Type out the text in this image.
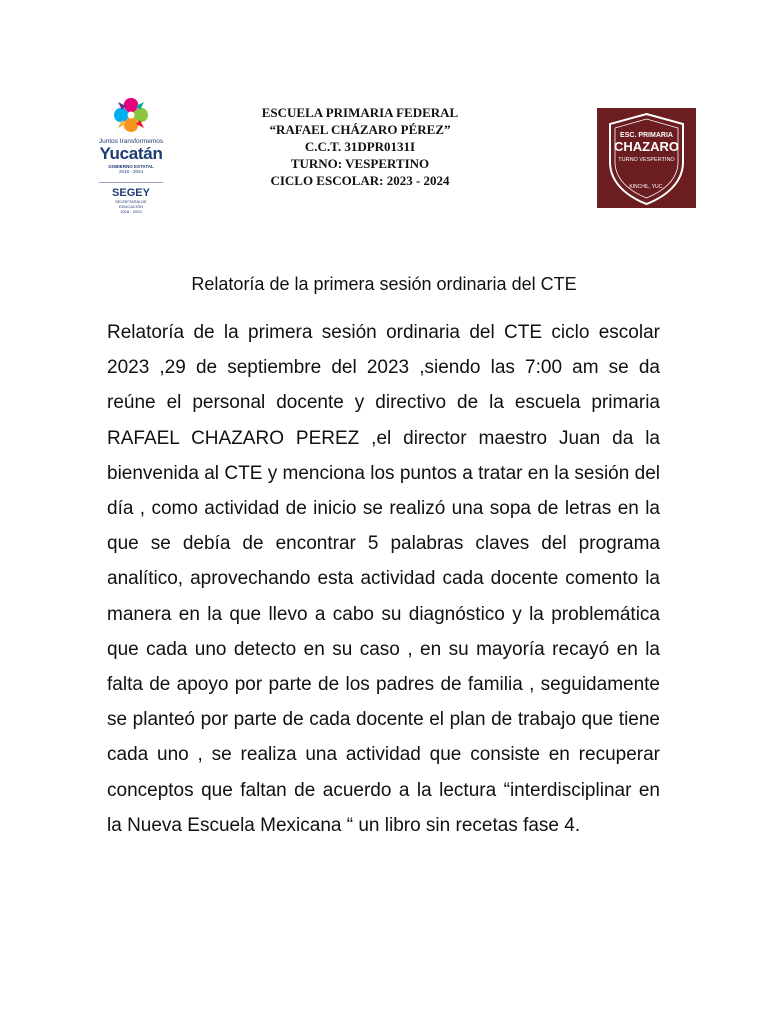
Juntos transformemos
Yucatán
GOBIERNO ESTATAL
2018 - 2024
SEGEY
SECRETARÍA DE
EDUCACIÓN
2018 - 2024
ESCUELA PRIMARIA FEDERAL
“RAFAEL CHÁZARO PÉREZ”
C.C.T. 31DPR0131I
TURNO: VESPERTINO
CICLO ESCOLAR: 2023 - 2024
ESC. PRIMARIA
CHAZARO
TURNO VESPERTINO
KINCHIL, YUC.
Relatoría de la primera sesión ordinaria del CTE
Relatoría de la primera sesión ordinaria del CTE ciclo escolar 2023 ,29 de septiembre del 2023 ,siendo las 7:00 am se da reúne el personal docente y directivo de la escuela primaria RAFAEL CHAZARO PEREZ ,el director maestro Juan da la bienvenida al CTE y menciona los puntos a tratar en la sesión del día , como actividad de inicio se realizó una sopa de letras en la que se debía de encontrar 5 palabras claves del programa analítico, aprovechando esta actividad cada docente comento la manera en la que llevo a cabo su diagnóstico y la problemática que cada uno detecto en su caso , en su mayoría recayó en la falta de apoyo por parte de los padres de familia , seguidamente se planteó por parte de cada docente el plan de trabajo que tiene cada uno , se realiza una actividad que consiste en recuperar conceptos que faltan de acuerdo a la lectura “interdisciplinar en la Nueva Escuela Mexicana “ un libro sin recetas fase 4.
